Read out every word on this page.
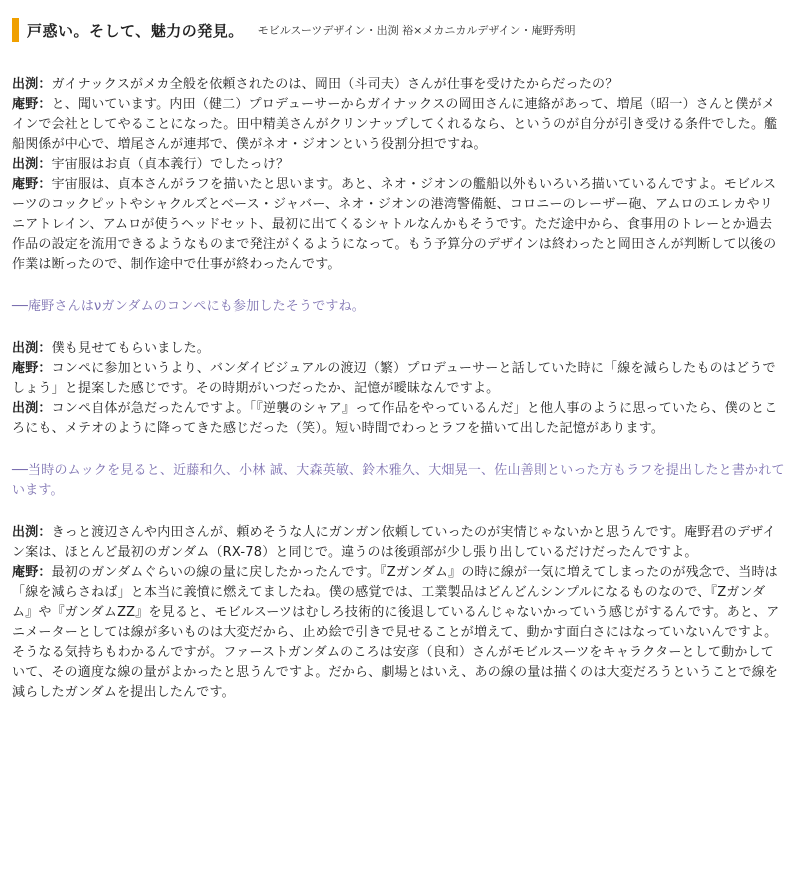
戸惑い。そして、魅力の発見。 モビルスーツデザイン・出渕 裕×メカニカルデザイン・庵野秀明

出渕：ガイナックスがメカ全般を依頼されたのは、岡田（斗司夫）さんが仕事を受けたからだったの？

庵野：と、聞いています。内田（健二）プロデューサーからガイナックスの岡田さんに連絡があって、増尾（昭一）さんと僕がメインで会社としてやることになった。田中精美さんがクリンナップしてくれるなら、というのが自分が引き受ける条件でした。艦船関係が中心で、増尾さんが連邦で、僕がネオ・ジオンという役割分担ですね。

出渕：宇宙服はお貞（貞本義行）でしたっけ？

庵野：宇宙服は、貞本さんがラフを描いたと思います。あと、ネオ・ジオンの艦船以外もいろいろ描いているんですよ。モビルスーツのコックピットやシャクルズとベース・ジャバー、ネオ・ジオンの港湾警備艇、コロニーのレーザー砲、アムロのエレカやリニアトレイン、アムロが使うヘッドセット、最初に出てくるシャトルなんかもそうです。ただ途中から、食事用のトレーとか過去作品の設定を流用できるようなものまで発注がくるようになって。もう予算分のデザインは終わったと岡田さんが判断して以後の作業は断ったので、制作途中で仕事が終わったんです。

──庵野さんはνガンダムのコンペにも参加したそうですね。

出渕：僕も見せてもらいました。

庵野：コンペに参加というより、バンダイビジュアルの渡辺（繁）プロデューサーと話していた時に「線を減らしたものはどうでしょう」と提案した感じです。その時期がいつだったか、記憶が曖昧なんですよ。

出渕：コンペ自体が急だったんですよ。「『逆襲のシャア』って作品をやっているんだ」と他人事のように思っていたら、僕のところにも、メテオのように降ってきた感じだった（笑）。短い時間でわっとラフを描いて出した記憶があります。

──当時のムックを見ると、近藤和久、小林 誠、大森英敏、鈴木雅久、大畑晃一、佐山善則といった方もラフを提出したと書かれています。

出渕：きっと渡辺さんや内田さんが、頼めそうな人にガンガン依頼していったのが実情じゃないかと思うんです。庵野君のデザイン案は、ほとんど最初のガンダム（RX-78）と同じで。違うのは後頭部が少し張り出しているだけだったんですよ。

庵野：最初のガンダムぐらいの線の量に戻したかったんです。『Zガンダム』の時に線が一気に増えてしまったのが残念で、当時は「線を減らさねば」と本当に義憤に燃えてましたね。僕の感覚では、工業製品はどんどんシンプルになるものなので、『Zガンダム』や『ガンダムZZ』を見ると、モビルスーツはむしろ技術的に後退しているんじゃないかっていう感じがするんです。あと、アニメーターとしては線が多いものは大変だから、止め絵で引きで見せることが増えて、動かす面白さにはなっていないんですよ。そうなる気持ちもわかるんですが。ファーストガンダムのころは安彦（良和）さんがモビルスーツをキャラクターとして動かしていて、その適度な線の量がよかったと思うんですよ。だから、劇場とはいえ、あの線の量は描くのは大変だろうということで線を減らしたガンダムを提出したんです。
